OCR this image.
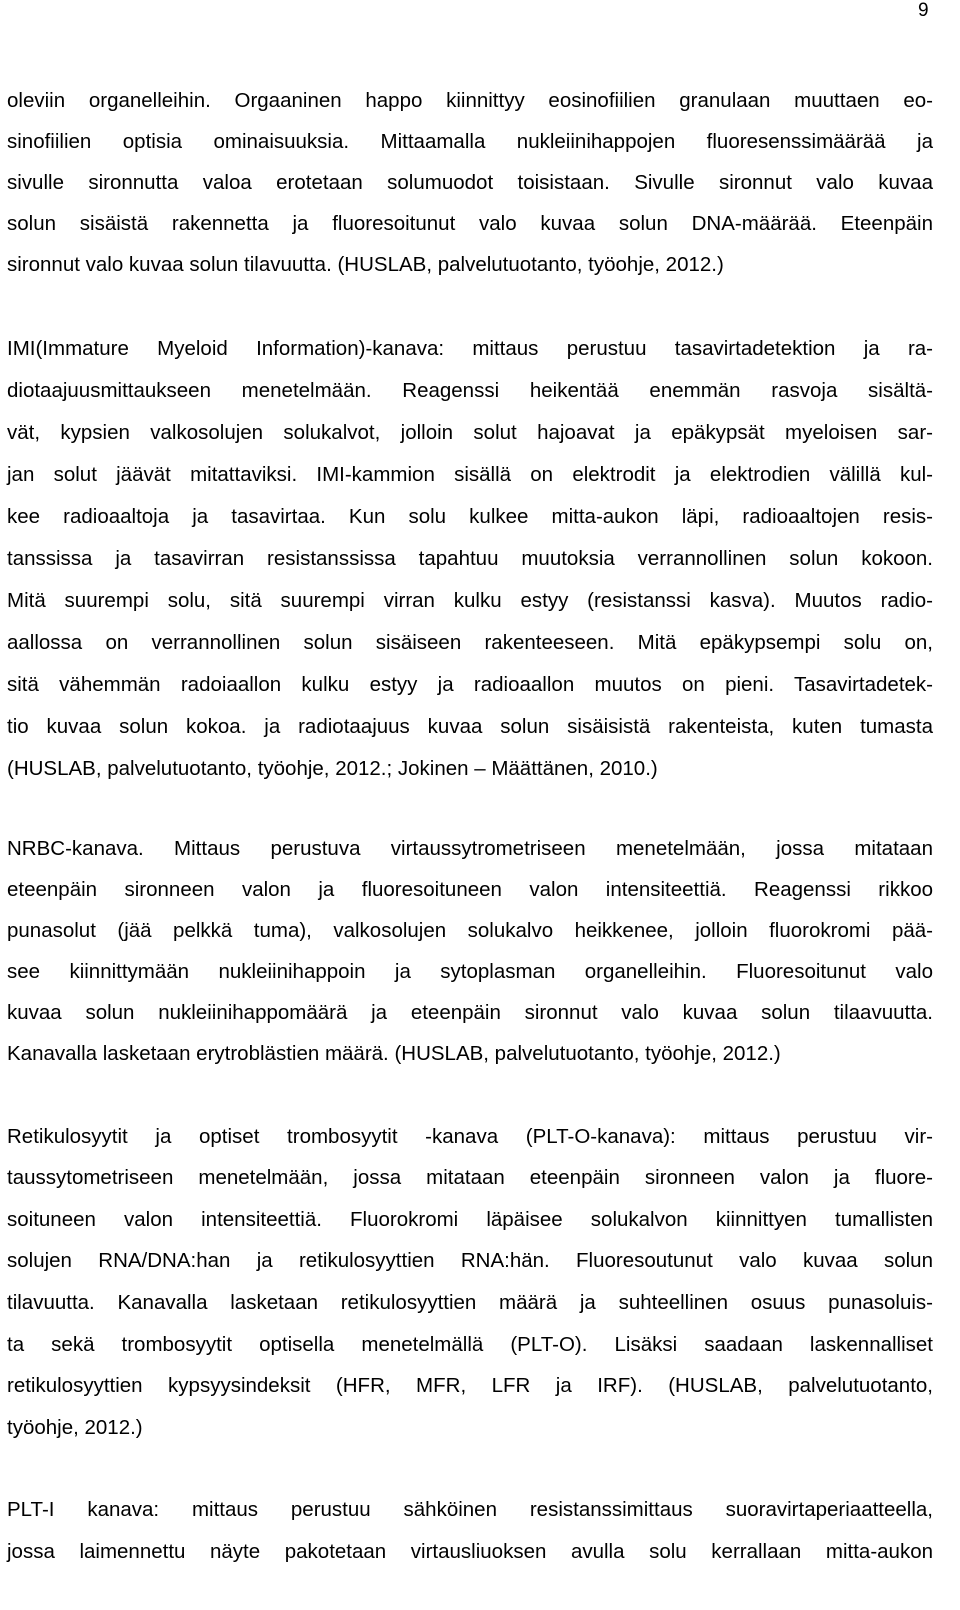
9
oleviin organelleihin. Orgaaninen happo kiinnittyy eosinofiilien granulaan muuttaen eo-
sinofiilien optisia ominaisuuksia. Mittaamalla nukleiinihappojen fluoresenssimäärää ja
sivulle sironnutta valoa erotetaan solumuodot toisistaan. Sivulle sironnut valo kuvaa
solun sisäistä rakennetta ja fluoresoitunut valo kuvaa solun DNA-määrää. Eteenpäin
sironnut valo kuvaa solun tilavuutta. (HUSLAB, palvelutuotanto, työohje, 2012.)
IMI(Immature Myeloid Information)-kanava: mittaus perustuu tasavirtadetektion ja ra-
diotaajuusmittaukseen menetelmään. Reagenssi heikentää enemmän rasvoja sisältä-
vät, kypsien valkosolujen solukalvot, jolloin solut hajoavat ja epäkypsät myeloisen sar-
jan solut jäävät mitattaviksi. IMI-kammion sisällä on elektrodit ja elektrodien välillä kul-
kee radioaaltoja ja tasavirtaa. Kun solu kulkee mitta-aukon läpi, radioaaltojen resis-
tanssissa ja tasavirran resistanssissa tapahtuu muutoksia verrannollinen solun kokoon.
Mitä suurempi solu, sitä suurempi virran kulku estyy (resistanssi kasva). Muutos radio-
aallossa on verrannollinen solun sisäiseen rakenteeseen. Mitä epäkypsempi solu on,
sitä vähemmän radoiaallon kulku estyy ja radioaallon muutos on pieni. Tasavirtadetek-
tio kuvaa solun kokoa. ja radiotaajuus kuvaa solun sisäisistä rakenteista, kuten tumasta
(HUSLAB, palvelutuotanto, työohje, 2012.; Jokinen – Määttänen, 2010.)
NRBC-kanava. Mittaus perustuva virtaussytrometriseen menetelmään, jossa mitataan
eteenpäin sironneen valon ja fluoresoituneen valon intensiteettiä. Reagenssi rikkoo
punasolut (jää pelkkä tuma), valkosolujen solukalvo heikkenee, jolloin fluorokromi pää-
see kiinnittymään nukleiinihappoin ja sytoplasman organelleihin. Fluoresoitunut valo
kuvaa solun nukleiinihappomäärä ja eteenpäin sironnut valo kuvaa solun tilaavuutta.
Kanavalla lasketaan erytroblästien määrä. (HUSLAB, palvelutuotanto, työohje, 2012.)
Retikulosyytit ja optiset trombosyytit -kanava (PLT-O-kanava): mittaus perustuu vir-
taussytometriseen menetelmään, jossa mitataan eteenpäin sironneen valon ja fluore-
soituneen valon intensiteettiä. Fluorokromi läpäisee solukalvon kiinnittyen tumallisten
solujen RNA/DNA:han ja retikulosyyttien RNA:hän. Fluoresoutunut valo kuvaa solun
tilavuutta. Kanavalla lasketaan retikulosyyttien määrä ja suhteellinen osuus punasoluis-
ta sekä trombosyytit optisella menetelmällä (PLT-O). Lisäksi saadaan laskennalliset
retikulosyyttien kypsyysindeksit (HFR, MFR, LFR ja IRF). (HUSLAB, palvelutuotanto,
työohje, 2012.)
PLT-I kanava: mittaus perustuu sähköinen resistanssimittaus suoravirtaperiaatteella,
jossa laimennettu näyte pakotetaan virtausliuoksen avulla solu kerrallaan mitta-aukon
